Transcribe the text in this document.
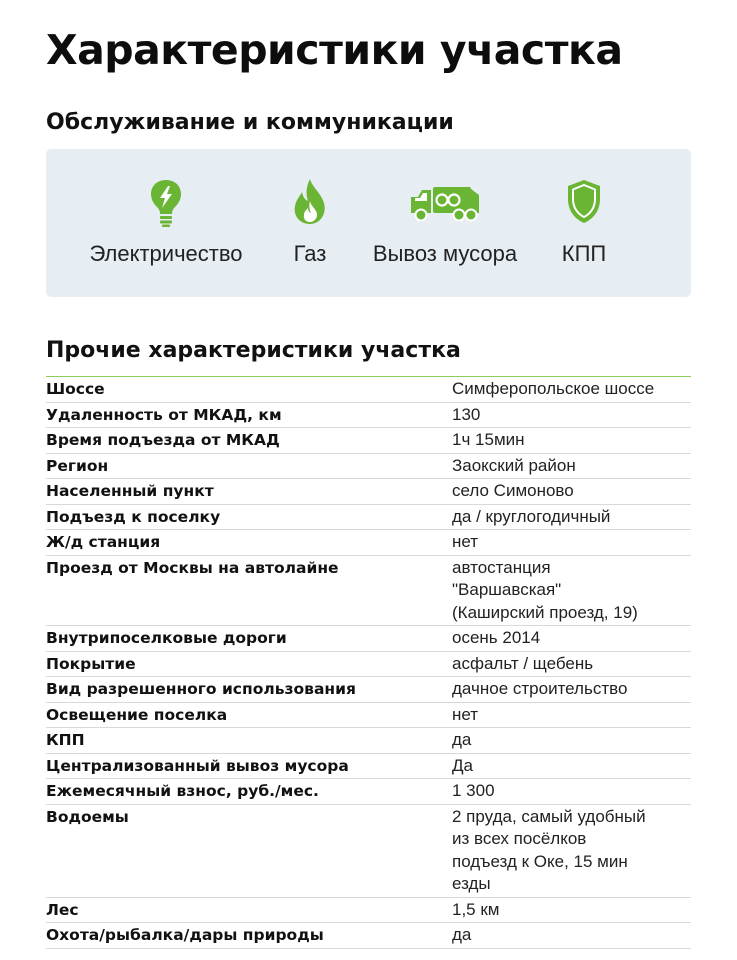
Характеристики участка
Обслуживание и коммуникации
Электричество	Газ	Вывоз мусора	КПП
Прочие характеристики участка
Шоссе	Симферопольское шоссе
Удаленность от МКАД, км	130
Время подъезда от МКАД	1ч 15мин
Регион	Заокский район
Населенный пункт	село Симоново
Подъезд к поселку	да / круглогодичный
Ж/д станция	нет
Проезд от Москвы на автолайне	автостанция
"Варшавская"
(Каширский проезд, 19)
Внутрипоселковые дороги	осень 2014
Покрытие	асфальт / щебень
Вид разрешенного использования	дачное строительство
Освещение поселка	нет
КПП	да
Централизованный вывоз мусора	Да
Ежемесячный взнос, руб./мес.	1 300
Водоемы	2 пруда, самый удобный
из всех посёлков
подъезд к Оке, 15 мин
езды
Лес	1,5 км
Охота/рыбалка/дары природы	да
